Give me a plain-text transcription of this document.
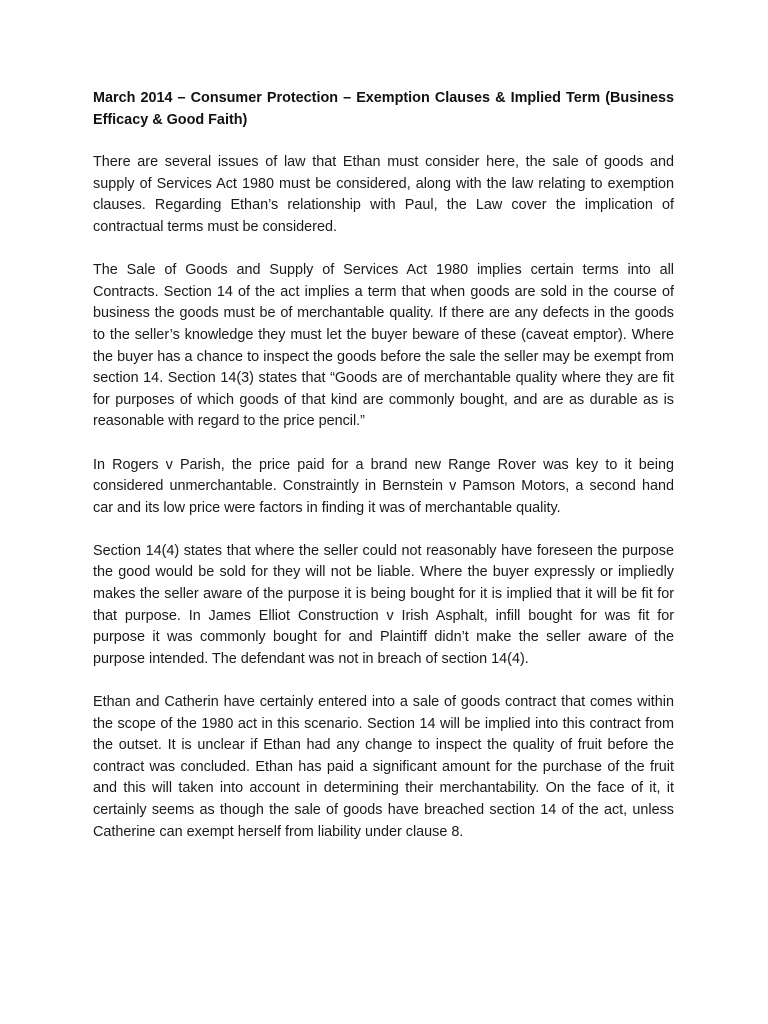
March 2014 – Consumer Protection – Exemption Clauses & Implied Term (Business Efficacy & Good Faith)

There are several issues of law that Ethan must consider here, the sale of goods and supply of Services Act 1980 must be considered, along with the law relating to exemption clauses. Regarding Ethan’s relationship with Paul, the Law cover the implication of contractual terms must be considered.

The Sale of Goods and Supply of Services Act 1980 implies certain terms into all Contracts. Section 14 of the act implies a term that when goods are sold in the course of business the goods must be of merchantable quality. If there are any defects in the goods to the seller’s knowledge they must let the buyer beware of these (caveat emptor). Where the buyer has a chance to inspect the goods before the sale the seller may be exempt from section 14. Section 14(3) states that “Goods are of merchantable quality where they are fit for purposes of which goods of that kind are commonly bought, and are as durable as is reasonable with regard to the price pencil.”

In Rogers v Parish, the price paid for a brand new Range Rover was key to it being considered unmerchantable. Constraintly in Bernstein v Pamson Motors, a second hand car and its low price were factors in finding it was of merchantable quality.

Section 14(4) states that where the seller could not reasonably have foreseen the purpose the good would be sold for they will not be liable. Where the buyer expressly or impliedly makes the seller aware of the purpose it is being bought for it is implied that it will be fit for that purpose. In James Elliot Construction v Irish Asphalt, infill bought for was fit for purpose it was commonly bought for and Plaintiff didn’t make the seller aware of the purpose intended. The defendant was not in breach of section 14(4).

Ethan and Catherin have certainly entered into a sale of goods contract that comes within the scope of the 1980 act in this scenario. Section 14 will be implied into this contract from the outset. It is unclear if Ethan had any change to inspect the quality of fruit before the contract was concluded. Ethan has paid a significant amount for the purchase of the fruit and this will taken into account in determining their merchantability. On the face of it, it certainly seems as though the sale of goods have breached section 14 of the act, unless Catherine can exempt herself from liability under clause 8.
